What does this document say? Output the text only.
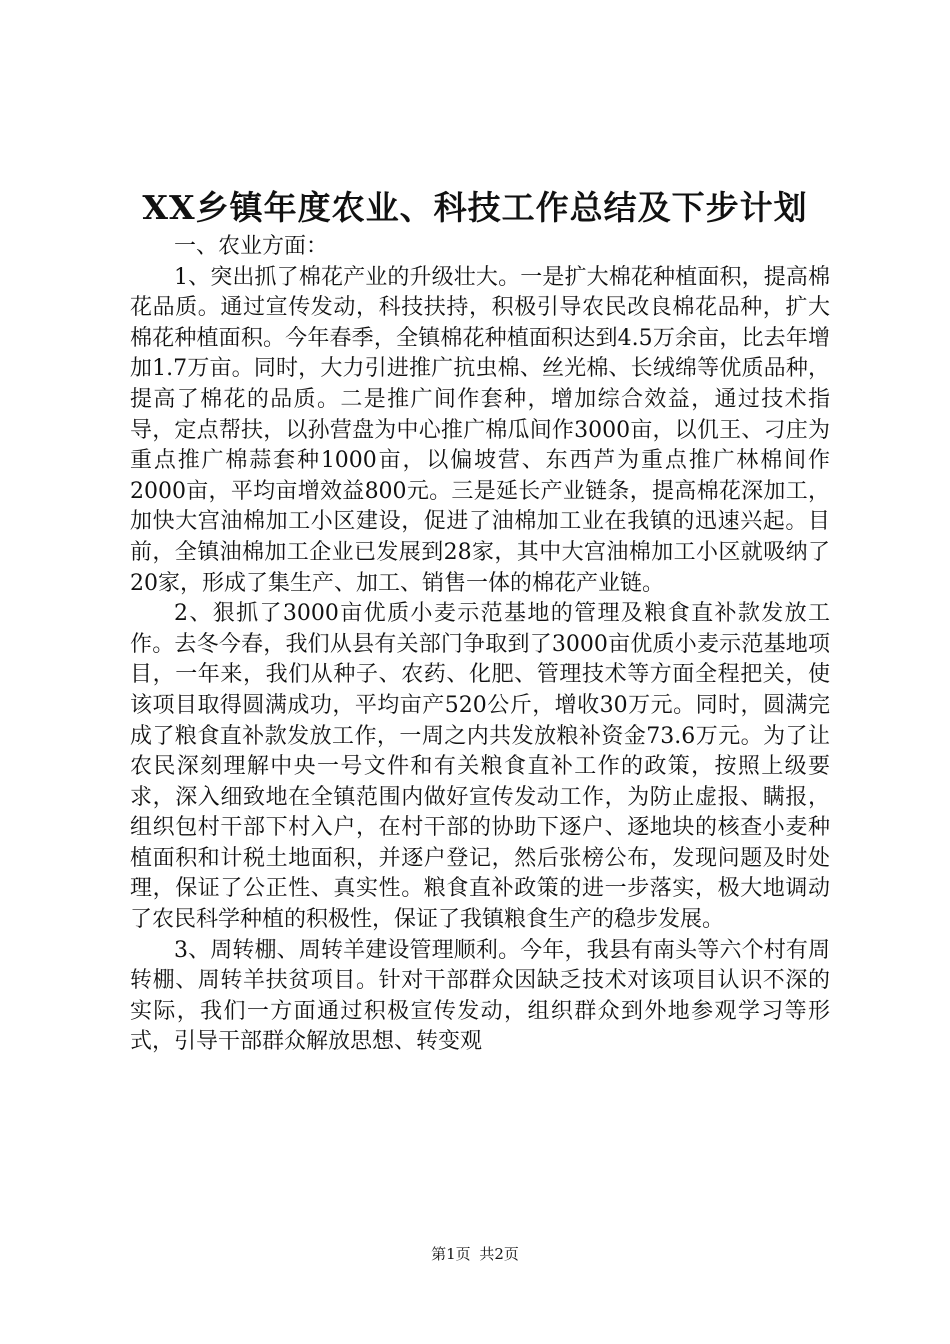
XX乡镇年度农业、科技工作总结及下步计划

一、农业方面：

1、突出抓了棉花产业的升级壮大。一是扩大棉花种植面积，提高棉花品质。通过宣传发动，科技扶持，积极引导农民改良棉花品种，扩大棉花种植面积。今年春季，全镇棉花种植面积达到4.5万余亩，比去年增加1.7万亩。同时，大力引进推广抗虫棉、丝光棉、长绒绵等优质品种，提高了棉花的品质。二是推广间作套种，增加综合效益，通过技术指导，定点帮扶，以孙营盘为中心推广棉瓜间作3000亩，以仉王、刁庄为重点推广棉蒜套种1000亩，以偏坡营、东西芦为重点推广林棉间作2000亩，平均亩增效益800元。三是延长产业链条，提高棉花深加工，加快大宫油棉加工小区建设，促进了油棉加工业在我镇的迅速兴起。目前，全镇油棉加工企业已发展到28家，其中大宫油棉加工小区就吸纳了20家，形成了集生产、加工、销售一体的棉花产业链。

2、狠抓了3000亩优质小麦示范基地的管理及粮食直补款发放工作。去冬今春，我们从县有关部门争取到了3000亩优质小麦示范基地项目，一年来，我们从种子、农药、化肥、管理技术等方面全程把关，使该项目取得圆满成功，平均亩产520公斤，增收30万元。同时，圆满完成了粮食直补款发放工作，一周之内共发放粮补资金73.6万元。为了让农民深刻理解中央一号文件和有关粮食直补工作的政策，按照上级要求，深入细致地在全镇范围内做好宣传发动工作，为防止虚报、瞒报，组织包村干部下村入户，在村干部的协助下逐户、逐地块的核查小麦种植面积和计税土地面积，并逐户登记，然后张榜公布，发现问题及时处理，保证了公正性、真实性。粮食直补政策的进一步落实，极大地调动了农民科学种植的积极性，保证了我镇粮食生产的稳步发展。

3、周转棚、周转羊建设管理顺利。今年，我县有南头等六个村有周转棚、周转羊扶贫项目。针对干部群众因缺乏技术对该项目认识不深的实际，我们一方面通过积极宣传发动，组织群众到外地参观学习等形式，引导干部群众解放思想、转变观

第1页 共2页
